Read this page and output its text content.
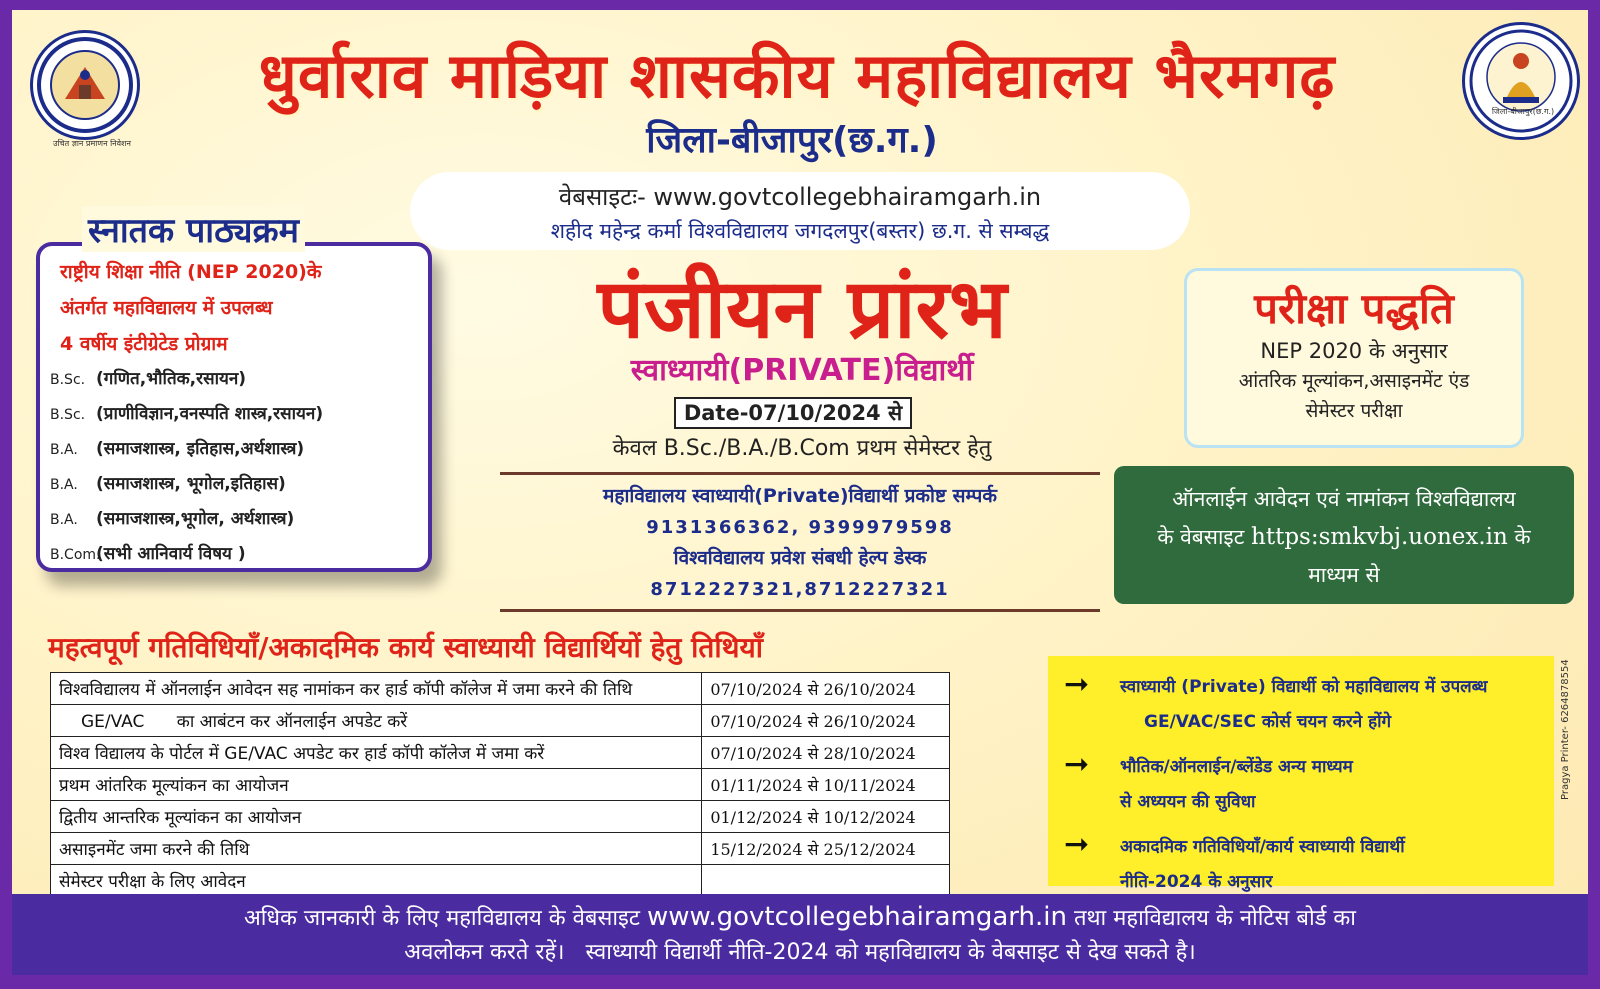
उचित ज्ञान प्रमाणन निवेशन
जिला-बीजापुर(छ.ग.)
धुर्वाराव माड़िया शासकीय महाविद्यालय भैरमगढ़
जिला-बीजापुर(छ.ग.)
वेबसाइटः- www.govtcollegebhairamgarh.in
शहीद महेन्द्र कर्मा विश्वविद्यालय जगदलपुर(बस्तर) छ.ग. से सम्बद्ध
राष्ट्रीय शिक्षा नीति (NEP 2020)के
अंतर्गत महाविद्यालय में उपलब्ध
4 वर्षीय इंटीग्रेटेड प्रोग्राम
B.Sc. (गणित,भौतिक,रसायन)
B.Sc. (प्राणीविज्ञान,वनस्पति शास्त्र,रसायन)
B.A. (समाजशास्त्र, इतिहास,अर्थशास्त्र)
B.A. (समाजशास्त्र, भूगोल,इतिहास)
B.A. (समाजशास्त्र,भूगोल, अर्थशास्त्र)
B.Com.(सभी आनिवार्य विषय )
स्नातक पाठ्यक्रम
पंजीयन प्रांरभ
स्वाध्यायी(PRIVATE)विद्यार्थी
Date-07/10/2024 से
केवल B.Sc./B.A./B.Com प्रथम सेमेस्टर हेतु
महाविद्यालय स्वाध्यायी(Private)विद्यार्थी प्रकोष्ट सम्पर्क
9131366362, 9399979598
विश्वविद्यालय प्रवेश संबधी हेल्प डेस्क
8712227321,8712227321
परीक्षा पद्धति
NEP 2020 के अनुसार
आंतरिक मूल्यांकन,असाइनमेंट एंड
सेमेस्टर परीक्षा
ऑनलाईन आवेदन एवं नामांकन विश्वविद्यालय
के वेबसाइट https:smkvbj.uonex.in के
माध्यम से
महत्वपूर्ण गतिविधियाँ/अकादमिक कार्य स्वाध्यायी विद्यार्थियों हेतु तिथियाँ
विश्वविद्यालय में ऑनलाईन आवेदन सह नामांकन कर हार्ड कॉपी कॉलेज में जमा करने की तिथि	07/10/2024 से 26/10/2024
GE/VAC      का आबंटन कर ऑनलाईन अपडेट करें	07/10/2024 से 26/10/2024
विश्व विद्यालय के पोर्टल में GE/VAC अपडेट कर हार्ड कॉपी कॉलेज में जमा करें	07/10/2024 से 28/10/2024
प्रथम आंतरिक मूल्यांकन का आयोजन	01/11/2024 से 10/11/2024
द्वितीय आन्तरिक मूल्यांकन का आयोजन	01/12/2024 से 10/12/2024
असाइनमेंट जमा करने की तिथि	15/12/2024 से 25/12/2024
सेमेस्टर परीक्षा के लिए आवेदन	
➞	स्वाध्यायी (Private) विद्यार्थी को महाविद्यालय में उपलब्ध
GE/VAC/SEC कोर्स चयन करने होंगे
➞	भौतिक/ऑनलाईन/ब्लेंडेड अन्य माध्यम
से अध्ययन की सुविधा
➞	अकादमिक गतिविधियाँ/कार्य स्वाध्यायी विद्यार्थी
नीति-2024 के अनुसार
अधिक जानकारी के लिए महाविद्यालय के वेबसाइट www.govtcollegebhairamgarh.in तथा महाविद्यालय के नोटिस बोर्ड का
अवलोकन करते रहें।   स्वाध्यायी विद्यार्थी नीति-2024 को महाविद्यालय के वेबसाइट से देख सकते है।
Pragya Printer- 6264878554
